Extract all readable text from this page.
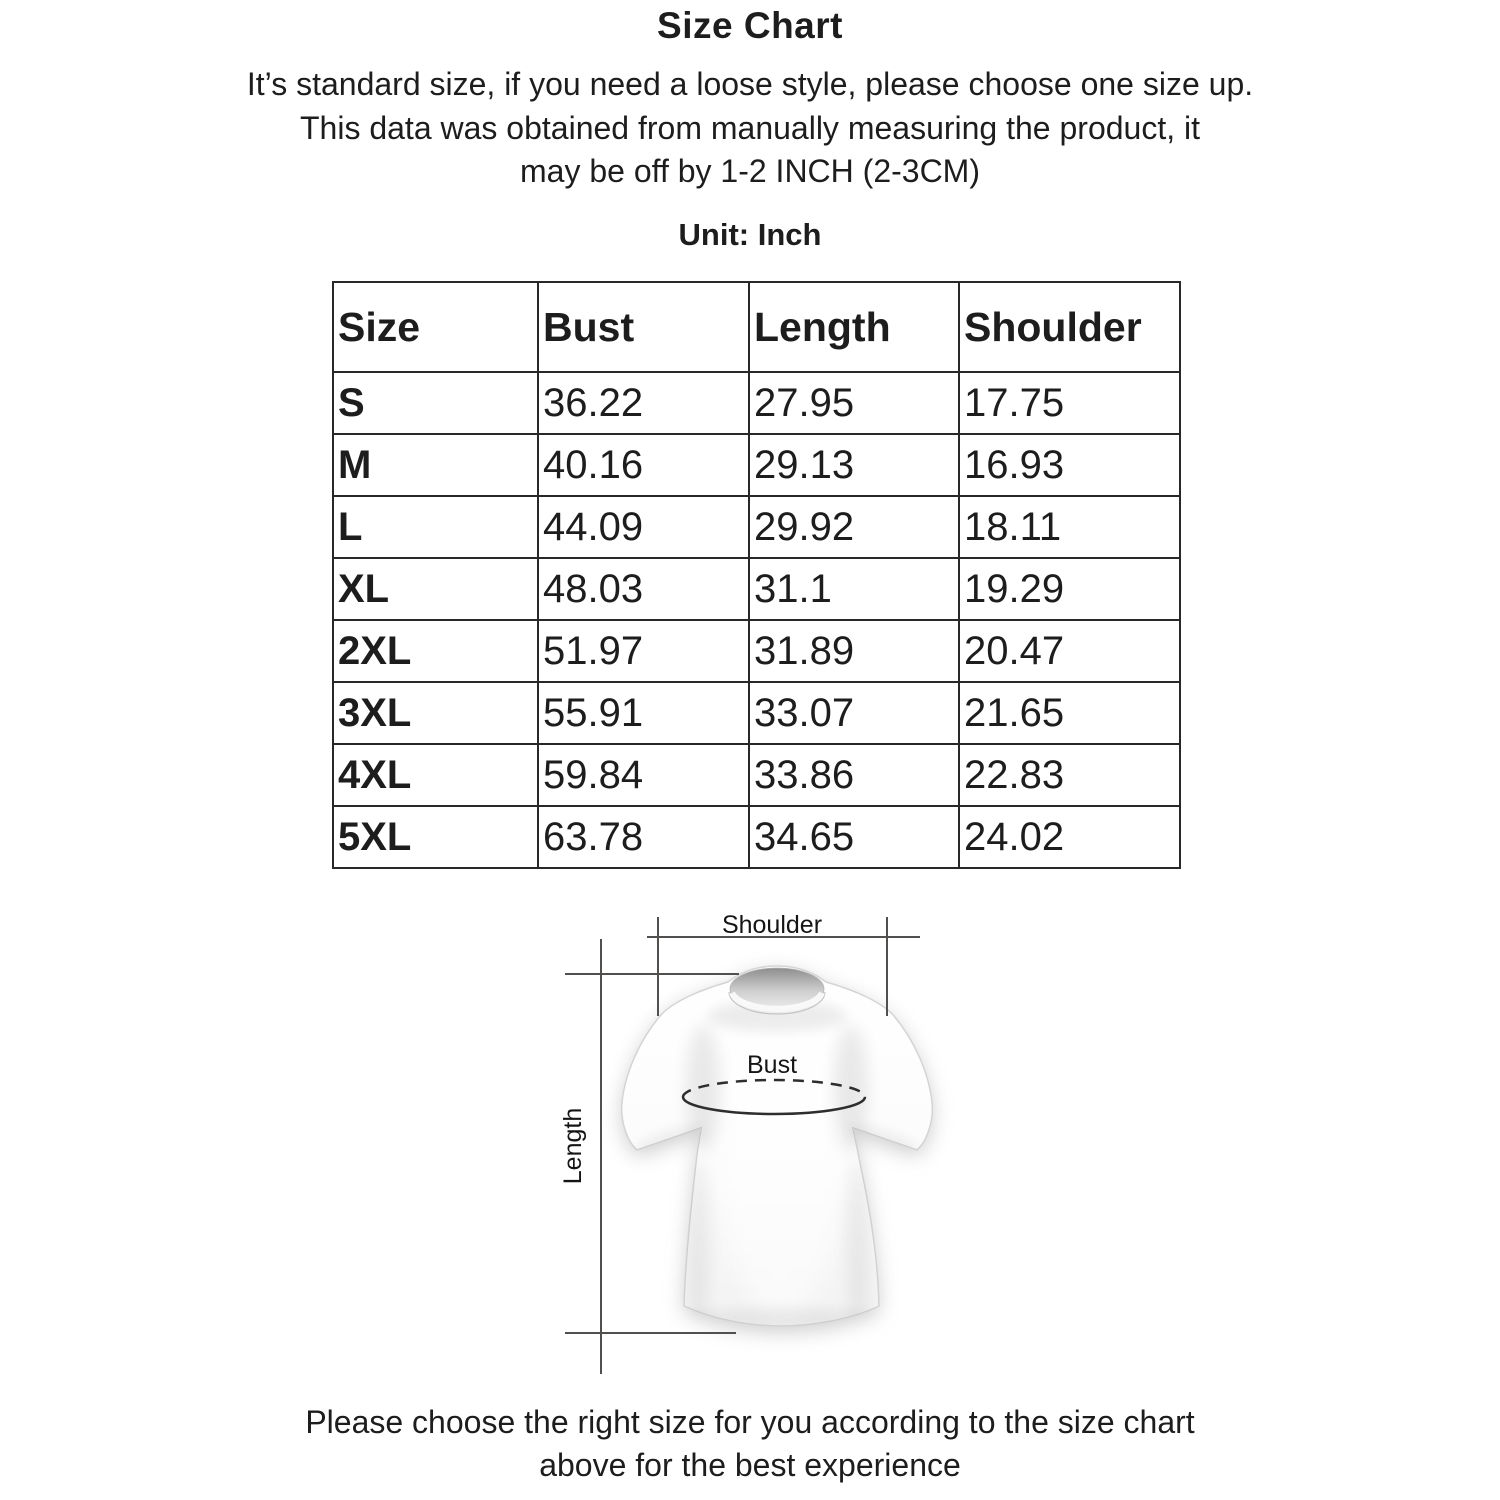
Size Chart
It’s standard size, if you need a loose style, please choose one size up.
This data was obtained from manually measuring the product, it
may be off by 1-2 INCH (2-3CM)
Unit: Inch
Size	Bust	Length	Shoulder
S	36.22	27.95	17.75
M	40.16	29.13	16.93
L	44.09	29.92	18.11
XL	48.03	31.1	19.29
2XL	51.97	31.89	20.47
3XL	55.91	33.07	21.65
4XL	59.84	33.86	22.83
5XL	63.78	34.65	24.02
Shoulder
Length
Bust
Please choose the right size for you according to the size chart
above for the best experience
